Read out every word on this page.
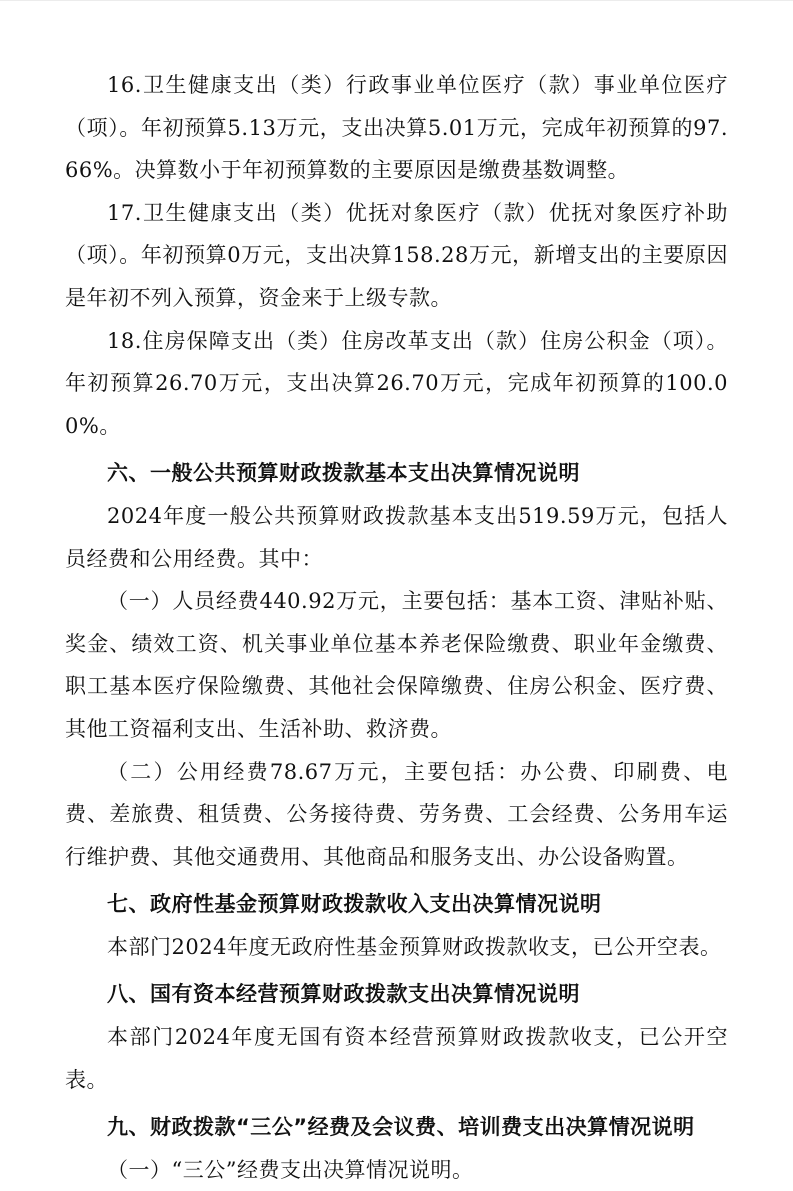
16.卫生健康支出（类）行政事业单位医疗（款）事业单位医疗（项）。年初预算5.13万元，支出决算5.01万元，完成年初预算的97.66%。决算数小于年初预算数的主要原因是缴费基数调整。

17.卫生健康支出（类）优抚对象医疗（款）优抚对象医疗补助（项）。年初预算0万元，支出决算158.28万元，新增支出的主要原因是年初不列入预算，资金来于上级专款。

18.住房保障支出（类）住房改革支出（款）住房公积金（项）。年初预算26.70万元，支出决算26.70万元，完成年初预算的100.00%。

六、一般公共预算财政拨款基本支出决算情况说明

2024年度一般公共预算财政拨款基本支出519.59万元，包括人员经费和公用经费。其中：

（一）人员经费440.92万元，主要包括：基本工资、津贴补贴、奖金、绩效工资、机关事业单位基本养老保险缴费、职业年金缴费、职工基本医疗保险缴费、其他社会保障缴费、住房公积金、医疗费、其他工资福利支出、生活补助、救济费。

（二）公用经费78.67万元，主要包括：办公费、印刷费、电费、差旅费、租赁费、公务接待费、劳务费、工会经费、公务用车运行维护费、其他交通费用、其他商品和服务支出、办公设备购置。

七、政府性基金预算财政拨款收入支出决算情况说明

本部门2024年度无政府性基金预算财政拨款收支，已公开空表。

八、国有资本经营预算财政拨款支出决算情况说明

本部门2024年度无国有资本经营预算财政拨款收支，已公开空表。

九、财政拨款“三公”经费及会议费、培训费支出决算情况说明

（一）“三公”经费支出决算情况说明。
